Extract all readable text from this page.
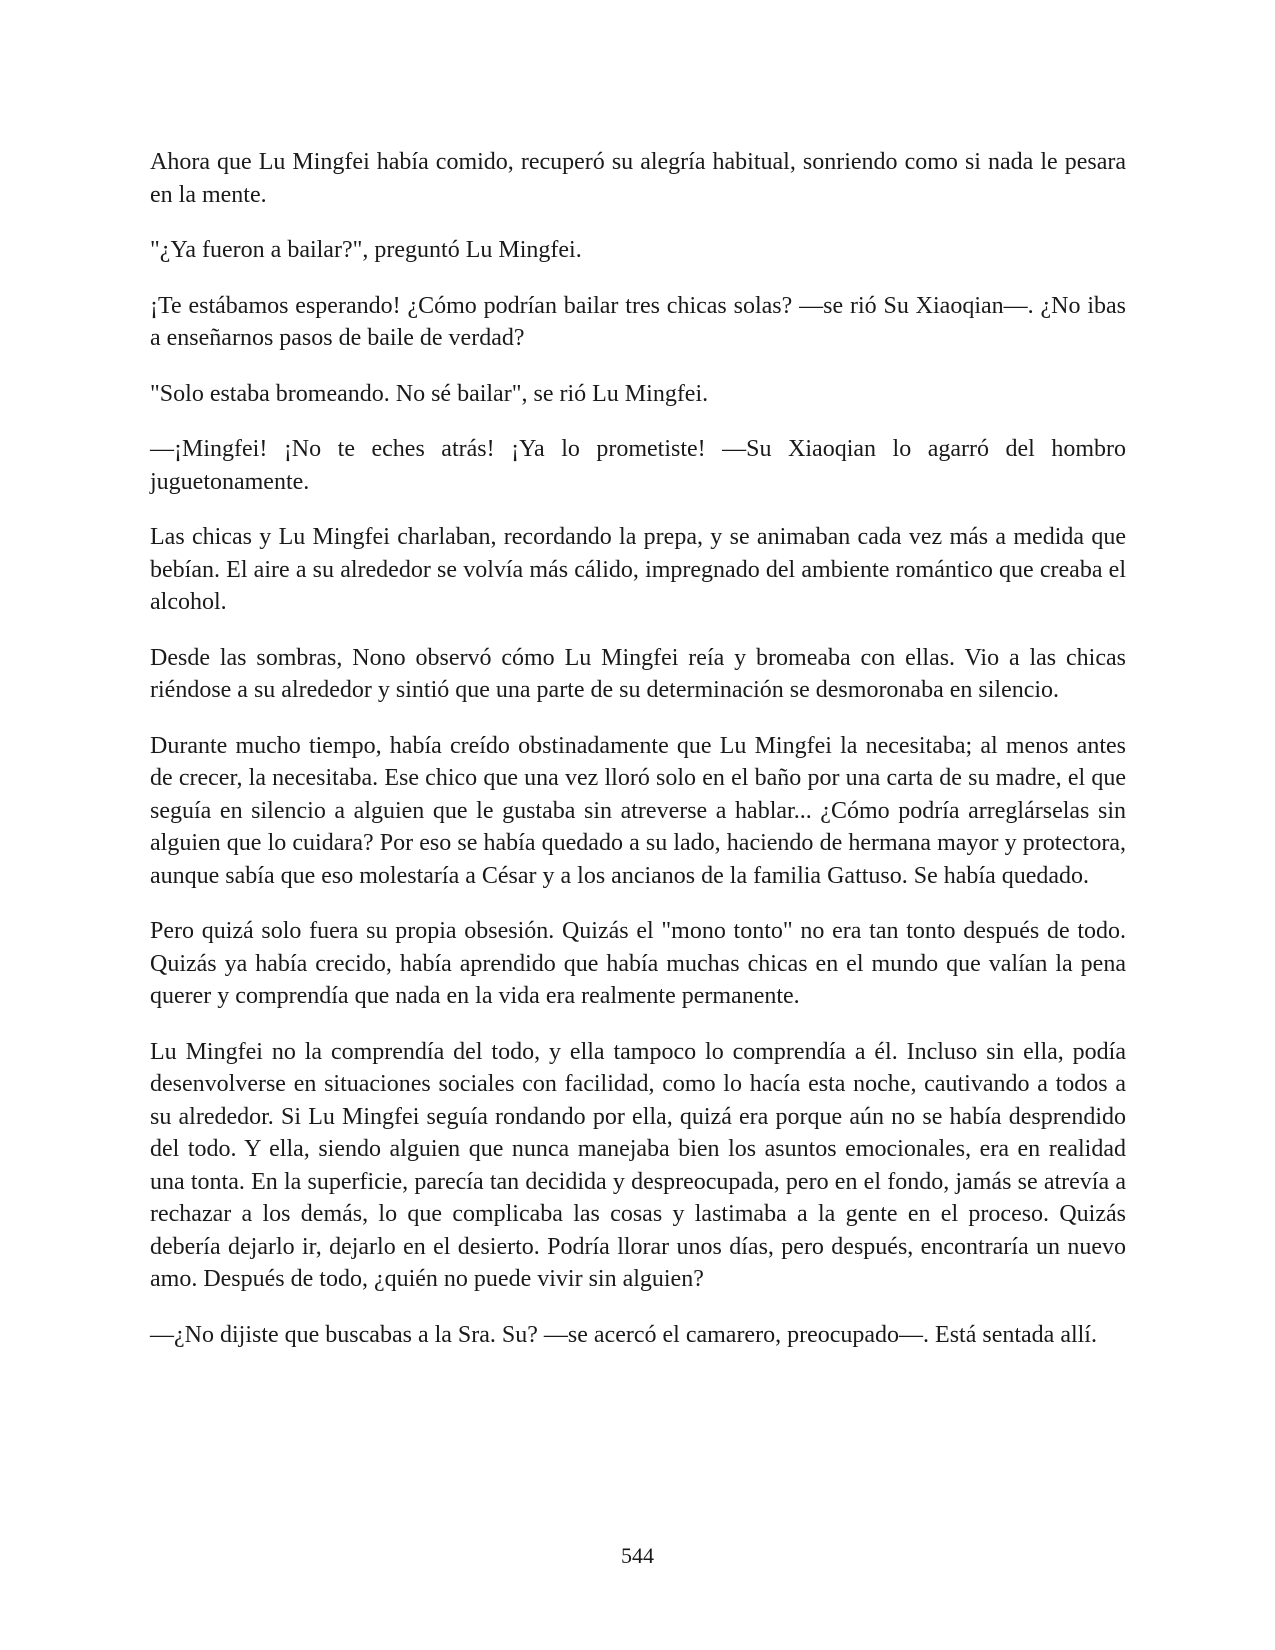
Ahora que Lu Mingfei había comido, recuperó su alegría habitual, sonriendo como si nada le pesara en la mente.

"¿Ya fueron a bailar?", preguntó Lu Mingfei.

¡Te estábamos esperando! ¿Cómo podrían bailar tres chicas solas? —se rió Su Xiaoqian—. ¿No ibas a enseñarnos pasos de baile de verdad?

"Solo estaba bromeando. No sé bailar", se rió Lu Mingfei.

—¡Mingfei! ¡No te eches atrás! ¡Ya lo prometiste! —Su Xiaoqian lo agarró del hombro juguetonamente.

Las chicas y Lu Mingfei charlaban, recordando la prepa, y se animaban cada vez más a medida que bebían. El aire a su alrededor se volvía más cálido, impregnado del ambiente romántico que creaba el alcohol.

Desde las sombras, Nono observó cómo Lu Mingfei reía y bromeaba con ellas. Vio a las chicas riéndose a su alrededor y sintió que una parte de su determinación se desmoronaba en silencio.

Durante mucho tiempo, había creído obstinadamente que Lu Mingfei la necesitaba; al menos antes de crecer, la necesitaba. Ese chico que una vez lloró solo en el baño por una carta de su madre, el que seguía en silencio a alguien que le gustaba sin atreverse a hablar... ¿Cómo podría arreglárselas sin alguien que lo cuidara? Por eso se había quedado a su lado, haciendo de hermana mayor y protectora, aunque sabía que eso molestaría a César y a los ancianos de la familia Gattuso. Se había quedado.

Pero quizá solo fuera su propia obsesión. Quizás el "mono tonto" no era tan tonto después de todo. Quizás ya había crecido, había aprendido que había muchas chicas en el mundo que valían la pena querer y comprendía que nada en la vida era realmente permanente.

Lu Mingfei no la comprendía del todo, y ella tampoco lo comprendía a él. Incluso sin ella, podía desenvolverse en situaciones sociales con facilidad, como lo hacía esta noche, cautivando a todos a su alrededor. Si Lu Mingfei seguía rondando por ella, quizá era porque aún no se había desprendido del todo. Y ella, siendo alguien que nunca manejaba bien los asuntos emocionales, era en realidad una tonta. En la superficie, parecía tan decidida y despreocupada, pero en el fondo, jamás se atrevía a rechazar a los demás, lo que complicaba las cosas y lastimaba a la gente en el proceso. Quizás debería dejarlo ir, dejarlo en el desierto. Podría llorar unos días, pero después, encontraría un nuevo amo. Después de todo, ¿quién no puede vivir sin alguien?

—¿No dijiste que buscabas a la Sra. Su? —se acercó el camarero, preocupado—. Está sentada allí.

544
